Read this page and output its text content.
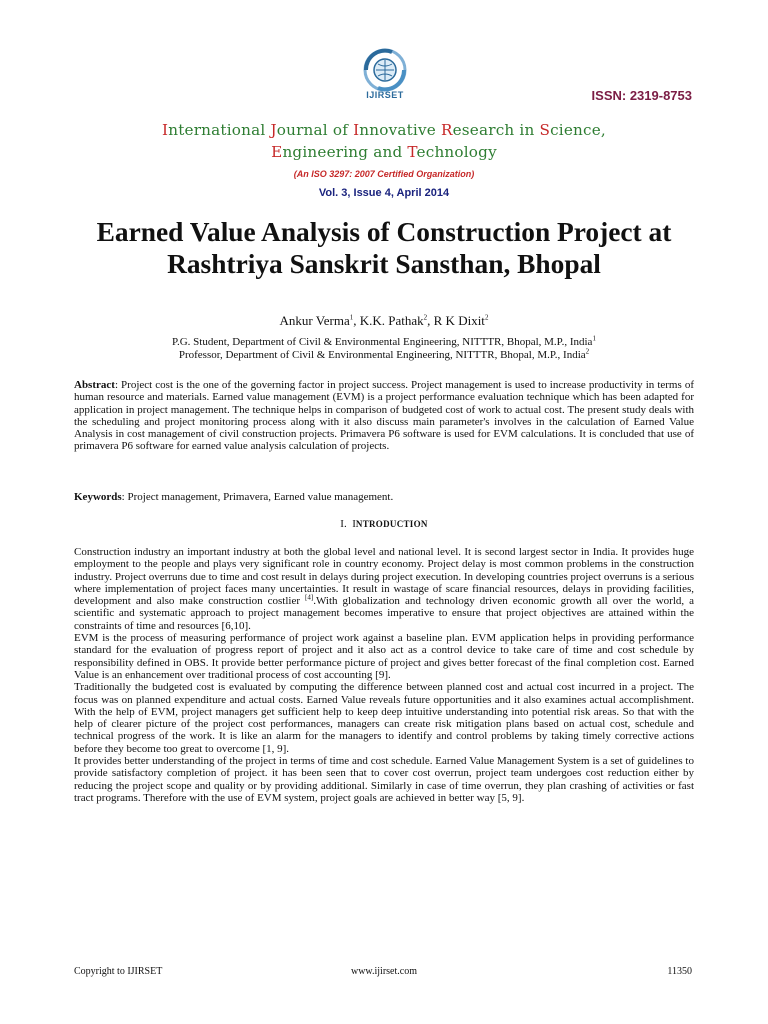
IJIRSET	ISSN: 2319-8753
International Journal of Innovative Research in Science,
Engineering and Technology
(An ISO 3297: 2007 Certified Organization)
Vol. 3, Issue 4, April 2014
Earned Value Analysis of Construction Project at Rashtriya Sanskrit Sansthan, Bhopal
Ankur Verma$^1$, K.K. Pathak$^2$, R K Dixit$^2$
P.G. Student, Department of Civil & Environmental Engineering, NITTTR, Bhopal, M.P., India$^1$
Professor, Department of Civil & Environmental Engineering, NITTTR, Bhopal, M.P., India$^2$
Abstract: Project cost is the one of the governing factor in project success. Project management is used to increase productivity in terms of human resource and materials. Earned value management (EVM) is a project performance evaluation technique which has been adapted for application in project management. The technique helps in comparison of budgeted cost of work to actual cost. The present study deals with the scheduling and project monitoring process along with it also discuss main parameter's involves in the calculation of Earned Value Analysis in cost management of civil construction projects. Primavera P6 software is used for EVM calculations. It is concluded that use of primavera P6 software for earned value analysis calculation of projects.
Keywords: Project management, Primavera, Earned value management.
I. INTRODUCTION

Construction industry an important industry at both the global level and national level. It is second largest sector in India. It provides huge employment to the people and plays very significant role in country economy. Project delay is most common problems in the construction industry. Project overruns due to time and cost result in delays during project execution. In developing countries project overruns is a serious where implementation of project faces many uncertainties. It result in wastage of scare financial resources, delays in providing facilities, development and also make construction costlier [4].With globalization and technology driven economic growth all over the world, a scientific and systematic approach to project management becomes imperative to ensure that project objectives are attained within the constraints of time and resources [6,10].

EVM is the process of measuring performance of project work against a baseline plan. EVM application helps in providing performance standard for the evaluation of progress report of project and it also act as a control device to take care of time and cost schedule by responsibility defined in OBS. It provide better performance picture of project and gives better forecast of the final completion cost. Earned Value is an enhancement over traditional process of cost accounting [9].

Traditionally the budgeted cost is evaluated by computing the difference between planned cost and actual cost incurred in a project. The focus was on planned expenditure and actual costs. Earned Value reveals future opportunities and it also examines actual accomplishment. With the help of EVM, project managers get sufficient help to keep deep intuitive understanding into potential risk areas. So that with the help of clearer picture of the project cost performances, managers can create risk mitigation plans based on actual cost, schedule and technical progress of the work. It is like an alarm for the managers to identify and control problems by taking timely corrective actions before they become too great to overcome [1, 9].

It provides better understanding of the project in terms of time and cost schedule. Earned Value Management System is a set of guidelines to provide satisfactory completion of project. it has been seen that to cover cost overrun, project team undergoes cost reduction either by reducing the project scope and quality or by providing additional. Similarly in case of time overrun, they plan crashing of activities or fast tract programs. Therefore with the use of EVM system, project goals are achieved in better way [5, 9].

Copyright to IJIRSET	www.ijirset.com	11350
